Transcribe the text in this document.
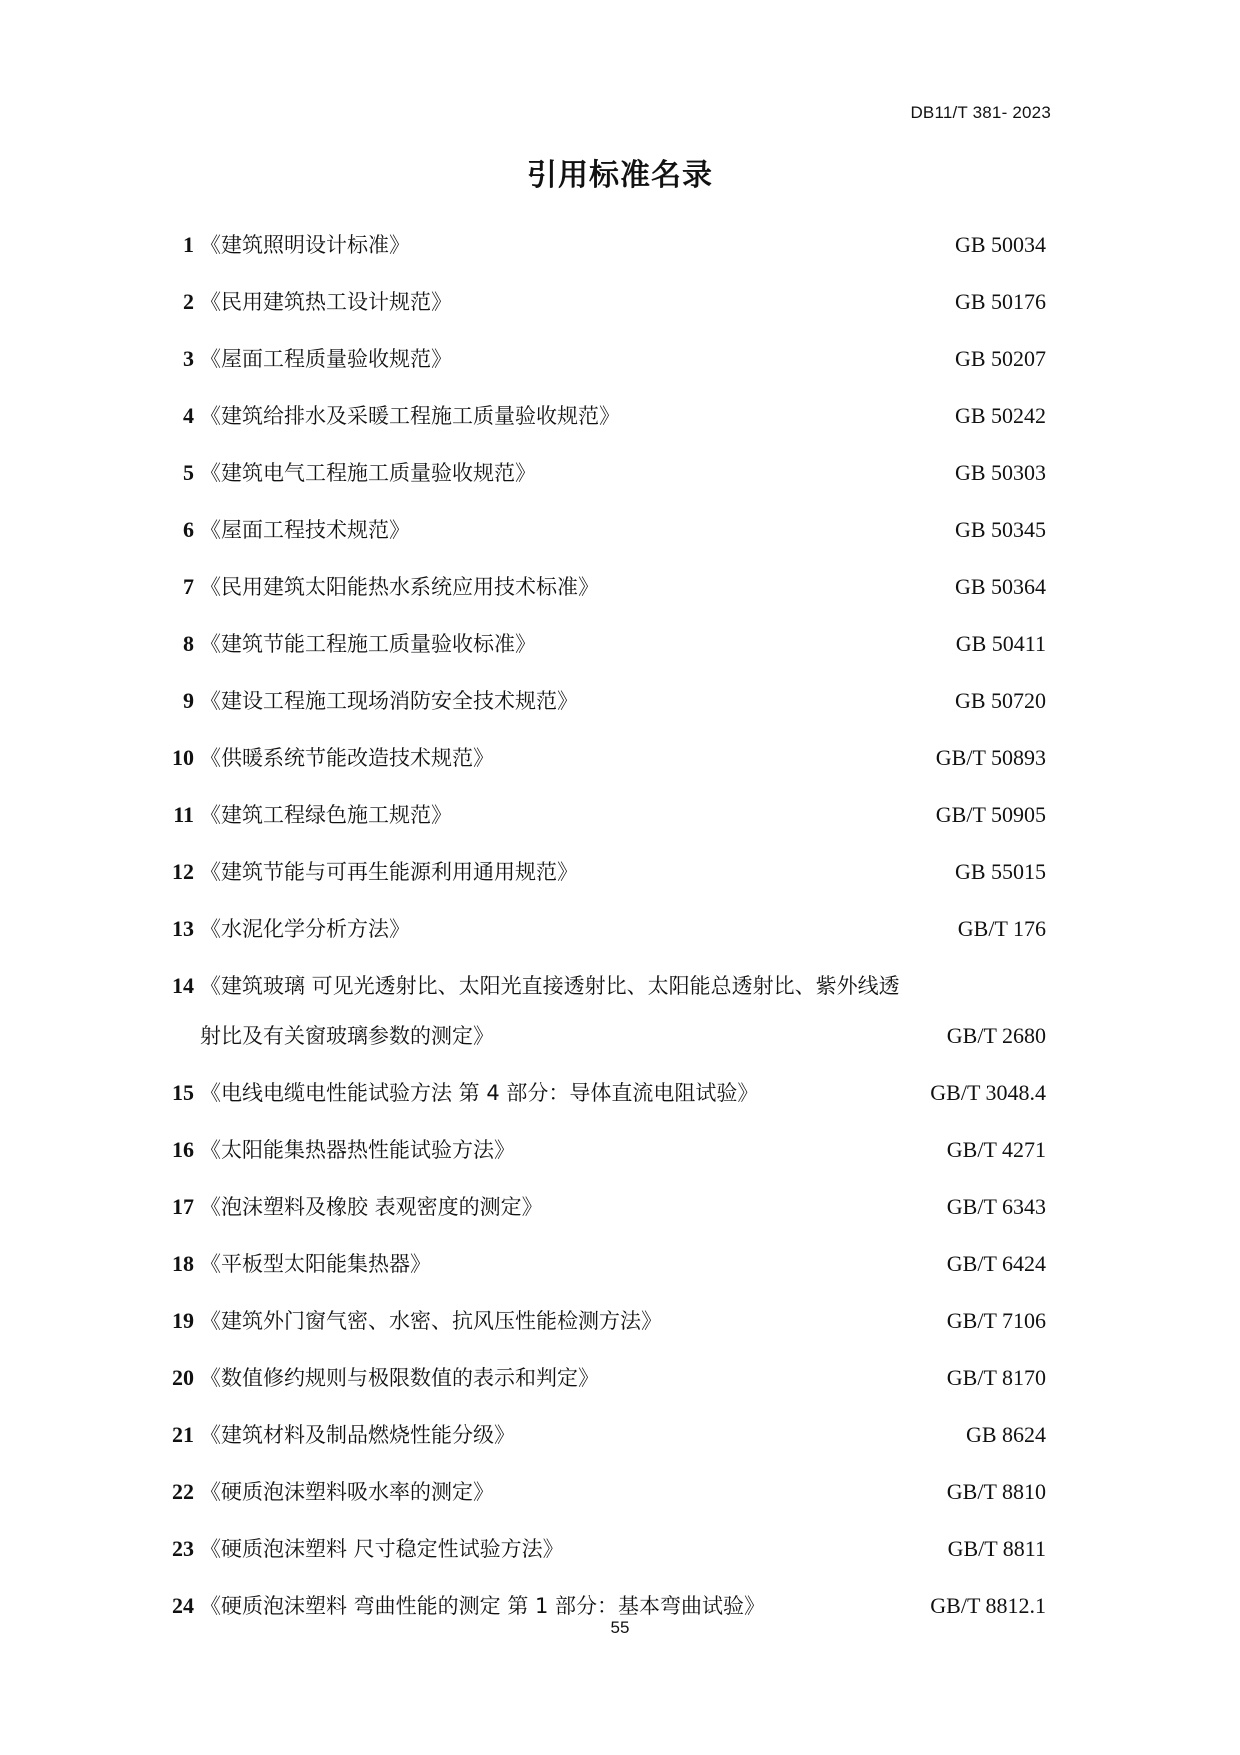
DB11/T 381- 2023
引用标准名录
1 《建筑照明设计标准》	GB 50034
2 《民用建筑热工设计规范》	GB 50176
3 《屋面工程质量验收规范》	GB 50207
4 《建筑给排水及采暖工程施工质量验收规范》	GB 50242
5 《建筑电气工程施工质量验收规范》	GB 50303
6 《屋面工程技术规范》	GB 50345
7 《民用建筑太阳能热水系统应用技术标准》	GB 50364
8 《建筑节能工程施工质量验收标准》	GB 50411
9 《建设工程施工现场消防安全技术规范》	GB 50720
10 《供暖系统节能改造技术规范》	GB/T 50893
11 《建筑工程绿色施工规范》	GB/T 50905
12 《建筑节能与可再生能源利用通用规范》	GB 55015
13 《水泥化学分析方法》	GB/T 176
14 《建筑玻璃 可见光透射比、太阳光直接透射比、太阳能总透射比、紫外线透
射比及有关窗玻璃参数的测定》	GB/T 2680
15 《电线电缆电性能试验方法 第 4 部分：导体直流电阻试验》	GB/T 3048.4
16 《太阳能集热器热性能试验方法》	GB/T 4271
17 《泡沫塑料及橡胶 表观密度的测定》	GB/T 6343
18 《平板型太阳能集热器》	GB/T 6424
19 《建筑外门窗气密、水密、抗风压性能检测方法》	GB/T 7106
20 《数值修约规则与极限数值的表示和判定》	GB/T 8170
21 《建筑材料及制品燃烧性能分级》	GB 8624
22 《硬质泡沫塑料吸水率的测定》	GB/T 8810
23 《硬质泡沫塑料 尺寸稳定性试验方法》	GB/T 8811
24 《硬质泡沫塑料 弯曲性能的测定 第 1 部分：基本弯曲试验》	GB/T 8812.1
55
